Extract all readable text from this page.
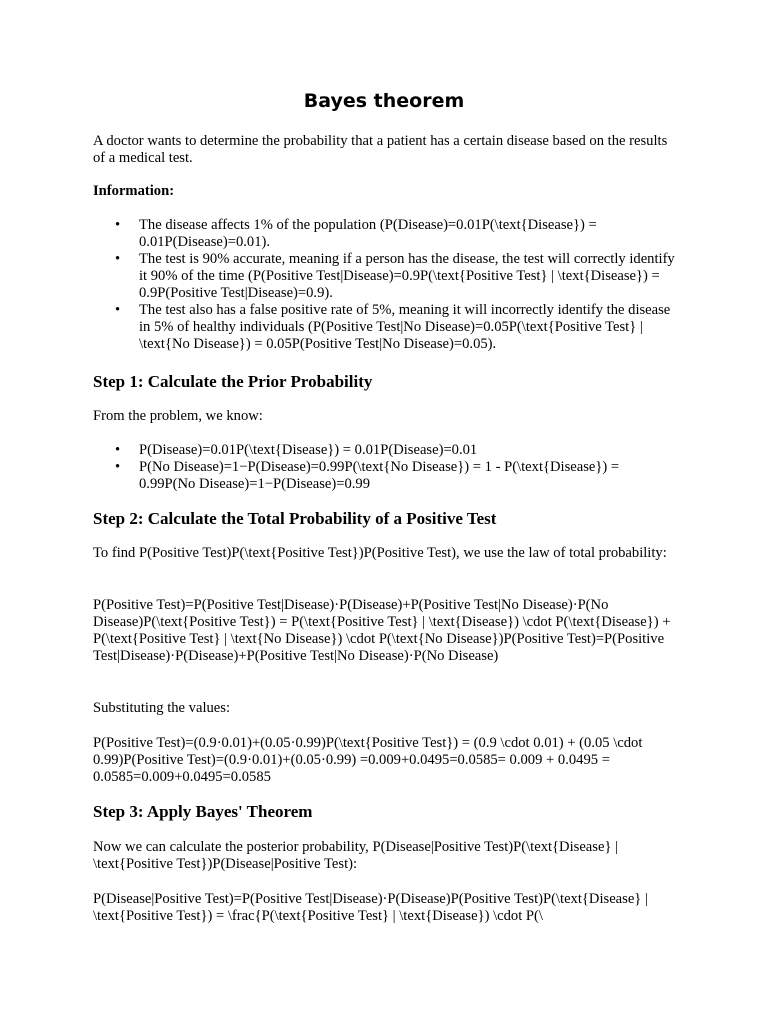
Bayes theorem

A doctor wants to determine the probability that a patient has a certain disease based on the results of a medical test.

Information:

• The disease affects 1% of the population (P(Disease)=0.01P(\text{Disease}) = 0.01P(Disease)=0.01).
• The test is 90% accurate, meaning if a person has the disease, the test will correctly identify it 90% of the time (P(Positive Test|Disease)=0.9P(\text{Positive Test} | \text{Disease}) = 0.9P(Positive Test|Disease)=0.9).
• The test also has a false positive rate of 5%, meaning it will incorrectly identify the disease in 5% of healthy individuals (P(Positive Test|No Disease)=0.05P(\text{Positive Test} | \text{No Disease}) = 0.05P(Positive Test|No Disease)=0.05).
Step 1: Calculate the Prior Probability

From the problem, we know:

• P(Disease)=0.01P(\text{Disease}) = 0.01P(Disease)=0.01
• P(No Disease)=1−P(Disease)=0.99P(\text{No Disease}) = 1 - P(\text{Disease}) = 0.99P(No Disease)=1−P(Disease)=0.99
Step 2: Calculate the Total Probability of a Positive Test

To find P(Positive Test)P(\text{Positive Test})P(Positive Test), we use the law of total probability:

P(Positive Test)=P(Positive Test|Disease)·P(Disease)+P(Positive Test|No Disease)·P(No Disease)P(\text{Positive Test}) = P(\text{Positive Test} | \text{Disease}) \cdot P(\text{Disease}) + P(\text{Positive Test} | \text{No Disease}) \cdot P(\text{No Disease})P(Positive Test)=P(Positive Test|Disease)·P(Disease)+P(Positive Test|No Disease)·P(No Disease)

Substituting the values:

P(Positive Test)=(0.9·0.01)+(0.05·0.99)P(\text{Positive Test}) = (0.9 \cdot 0.01) + (0.05 \cdot 0.99)P(Positive Test)=(0.9·0.01)+(0.05·0.99) =0.009+0.0495=0.0585= 0.009 + 0.0495 = 0.0585=0.009+0.0495=0.0585

Step 3: Apply Bayes' Theorem

Now we can calculate the posterior probability, P(Disease|Positive Test)P(\text{Disease} | \text{Positive Test})P(Disease|Positive Test):

P(Disease|Positive Test)=P(Positive Test|Disease)·P(Disease)P(Positive Test)P(\text{Disease} | \text{Positive Test}) = \frac{P(\text{Positive Test} | \text{Disease}) \cdot P(\
